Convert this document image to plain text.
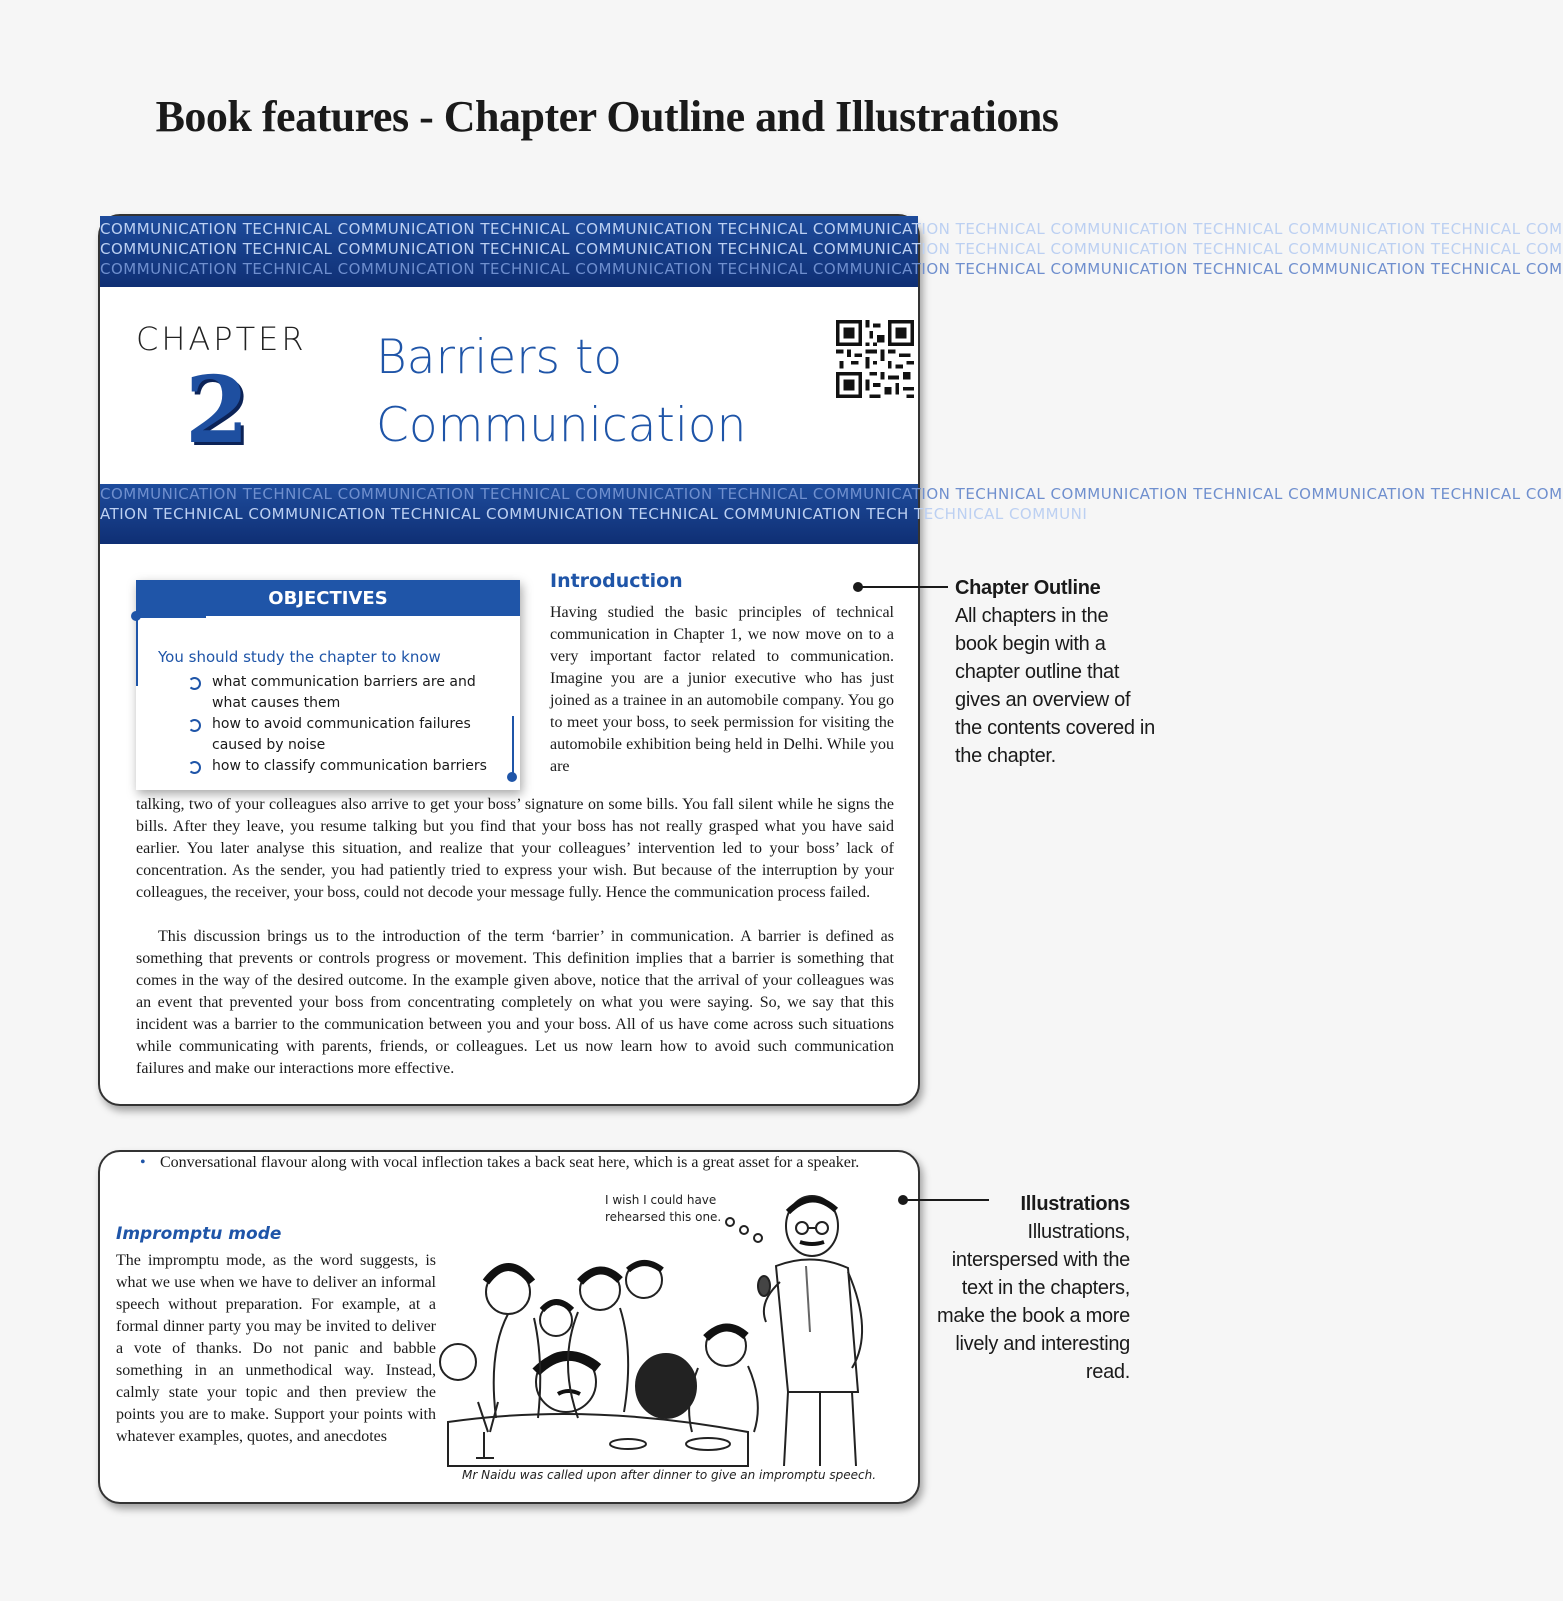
Book features - Chapter Outline and Illustrations
COMMUNICATION TECHNICAL COMMUNICATION TECHNICAL COMMUNICATION TECHNICAL COMMUNICATION TECHNICAL COMMUNICATION TECHNICAL COMMUNICATION TECHNICAL COM
COMMUNICATION TECHNICAL COMMUNICATION TECHNICAL COMMUNICATION TECHNICAL COMMUNICATION TECHNICAL COMMUNICATION TECHNICAL COMMUNICATION TECHNICAL COM
COMMUNICATION TECHNICAL COMMUNICATION TECHNICAL COMMUNICATION TECHNICAL COMMUNICATION TECHNICAL COMMUNICATION TECHNICAL COMMUNICATION TECHNICAL COM
CHAPTER
2	Barriers to
Communication
COMMUNICATION TECHNICAL COMMUNICATION TECHNICAL COMMUNICATION TECHNICAL COMMUNICATION TECHNICAL COMMUNICATION TECHNICAL COMMUNICATION TECHNICAL COM
ATION TECHNICAL COMMUNICATION TECHNICAL COMMUNICATION TECHNICAL COMMUNICATION TECH TECHNICAL COMMUNI
OBJECTIVES
You should study the chapter to know
what communication barriers are and what causes them
how to avoid communication failures caused by noise
how to classify communication barriers
Introduction

Having studied the basic principles of technical communication in Chapter 1, we now move on to a very important factor related to communication. Imagine you are a junior executive who has just joined as a trainee in an automobile company. You go to meet your boss, to seek permission for visiting the automobile exhibition being held in Delhi. While you are

talking, two of your colleagues also arrive to get your boss’ signature on some bills. You fall silent while he signs the bills. After they leave, you resume talking but you find that your boss has not really grasped what you have said earlier. You later analyse this situation, and realize that your colleagues’ intervention led to your boss’ lack of concentration. As the sender, you had patiently tried to express your wish. But because of the interruption by your colleagues, the receiver, your boss, could not decode your message fully. Hence the communication process failed.

This discussion brings us to the introduction of the term ‘barrier’ in communication. A barrier is defined as something that prevents or controls progress or movement. This definition implies that a barrier is something that comes in the way of the desired outcome. In the example given above, notice that the arrival of your colleagues was an event that prevented your boss from concentrating completely on what you were saying. So, we say that this incident was a barrier to the communication between you and your boss. All of us have come across such situations while communicating with parents, friends, or colleagues. Let us now learn how to avoid such communication failures and make our interactions more effective.

Chapter Outline
All chapters in the book begin with a chapter outline that gives an overview of the contents covered in the chapter.

• Conversational flavour along with vocal inflection takes a back seat here, which is a great asset for a speaker.

Impromptu mode

The impromptu mode, as the word suggests, is what we use when we have to deliver an informal speech without preparation. For example, at a formal dinner party you may be invited to deliver a vote of thanks. Do not panic and babble something in an unmethodical way. Instead, calmly state your topic and then preview the points you are to make. Support your points with whatever examples, quotes, and anecdotes

I wish I could have
rehearsed this one.
Mr Naidu was called upon after dinner to give an impromptu speech.
Illustrations
Illustrations, interspersed with the text in the chapters, make the book a more lively and interesting read.
